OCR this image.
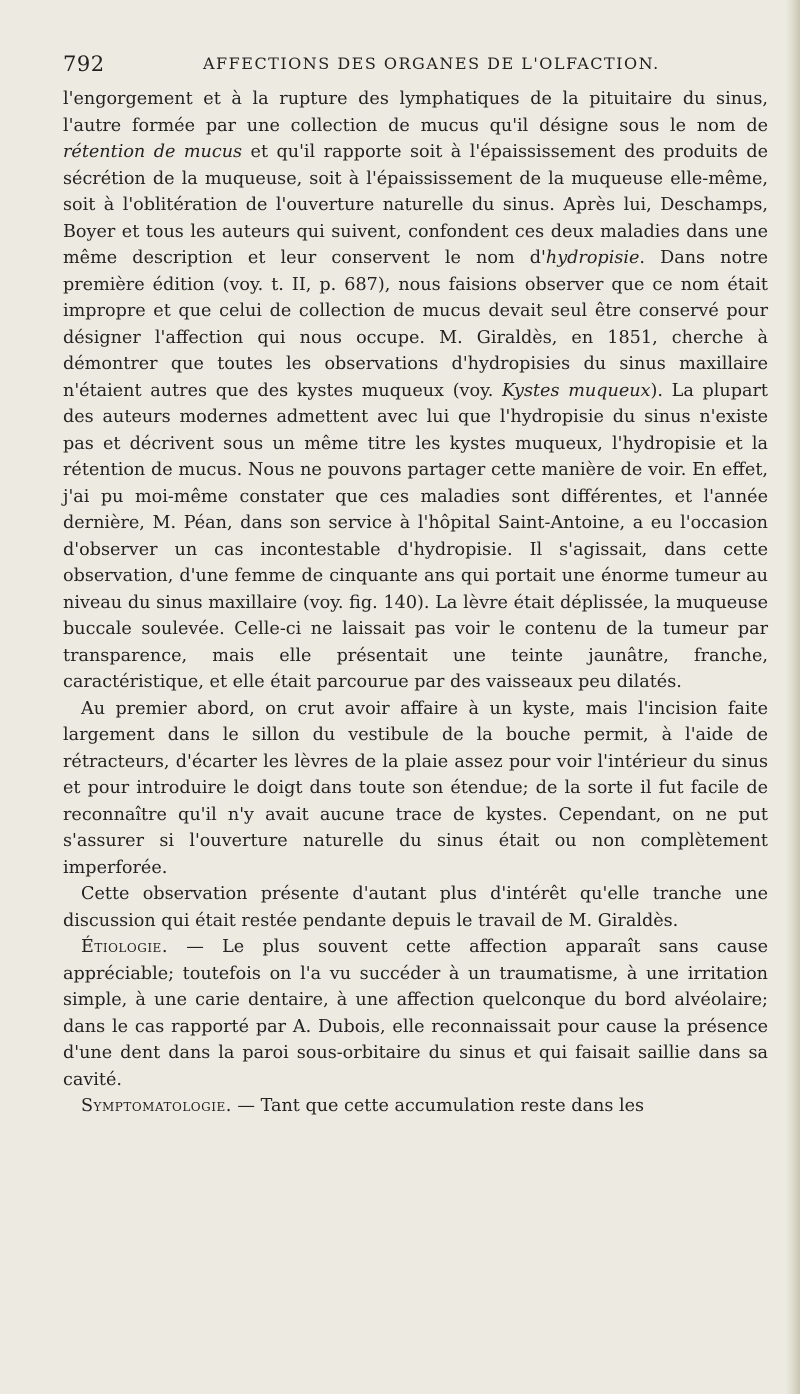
792	AFFECTIONS DES ORGANES DE L'OLFACTION.

l'engorgement et à la rupture des lymphatiques de la pituitaire du sinus, l'autre formée par une collection de mucus qu'il désigne sous le nom de rétention de mucus et qu'il rapporte soit à l'épaississement des produits de sécrétion de la muqueuse, soit à l'épaississement de la muqueuse elle-même, soit à l'oblitération de l'ouverture naturelle du sinus. Après lui, Deschamps, Boyer et tous les auteurs qui suivent, confondent ces deux maladies dans une même description et leur conservent le nom d'hydropisie. Dans notre première édition (voy. t. II, p. 687), nous faisions observer que ce nom était impropre et que celui de collection de mucus devait seul être conservé pour désigner l'affection qui nous occupe. M. Giraldès, en 1851, cherche à démontrer que toutes les observations d'hydropisies du sinus maxillaire n'étaient autres que des kystes muqueux (voy. Kystes muqueux). La plupart des auteurs modernes admettent avec lui que l'hydropisie du sinus n'existe pas et décrivent sous un même titre les kystes muqueux, l'hydropisie et la rétention de mucus. Nous ne pouvons partager cette manière de voir. En effet, j'ai pu moi-même constater que ces maladies sont différentes, et l'année dernière, M. Péan, dans son service à l'hôpital Saint-Antoine, a eu l'occasion d'observer un cas incontestable d'hydropisie. Il s'agissait, dans cette observation, d'une femme de cinquante ans qui portait une énorme tumeur au niveau du sinus maxillaire (voy. fig. 140). La lèvre était déplissée, la muqueuse buccale soulevée. Celle-ci ne laissait pas voir le contenu de la tumeur par transparence, mais elle présentait une teinte jaunâtre, franche, caractéristique, et elle était parcourue par des vaisseaux peu dilatés.

Au premier abord, on crut avoir affaire à un kyste, mais l'incision faite largement dans le sillon du vestibule de la bouche permit, à l'aide de rétracteurs, d'écarter les lèvres de la plaie assez pour voir l'intérieur du sinus et pour introduire le doigt dans toute son étendue; de la sorte il fut facile de reconnaître qu'il n'y avait aucune trace de kystes. Cependant, on ne put s'assurer si l'ouverture naturelle du sinus était ou non complètement imperforée.

Cette observation présente d'autant plus d'intérêt qu'elle tranche une discussion qui était restée pendante depuis le travail de M. Giraldès.

Étiologie. — Le plus souvent cette affection apparaît sans cause appréciable; toutefois on l'a vu succéder à un traumatisme, à une irritation simple, à une carie dentaire, à une affection quelconque du bord alvéolaire; dans le cas rapporté par A. Dubois, elle reconnaissait pour cause la présence d'une dent dans la paroi sous-orbitaire du sinus et qui faisait saillie dans sa cavité.

Symptomatologie. — Tant que cette accumulation reste dans les
